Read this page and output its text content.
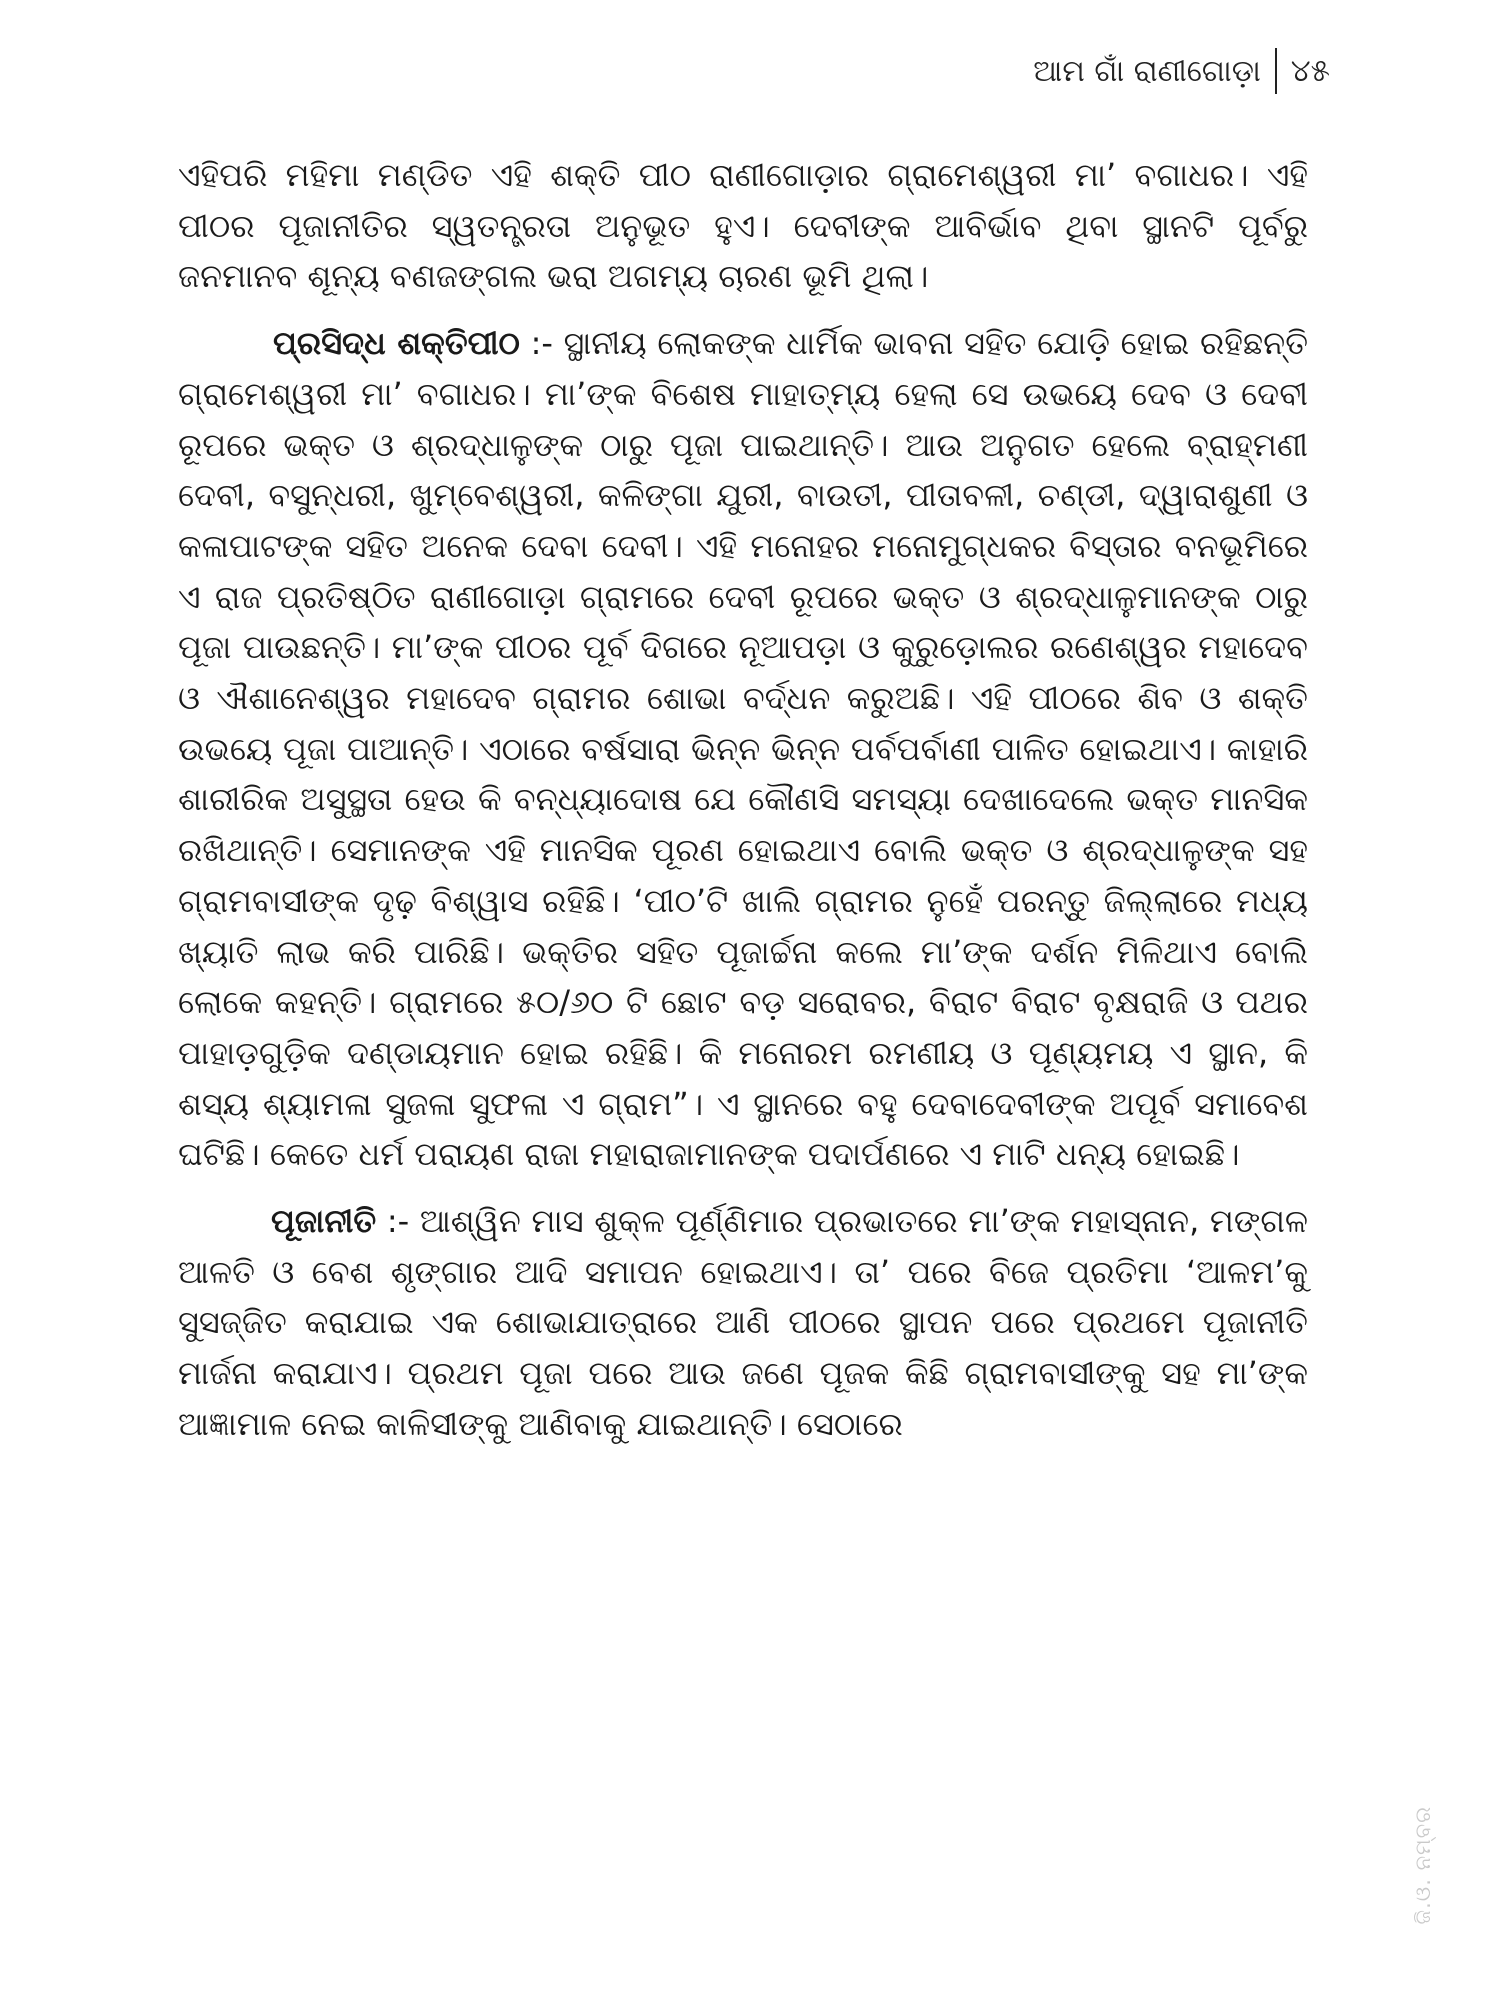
ଆମ ଗାଁ ରାଣୀଗୋଡ଼ା ୪୫

ଏହିପରି ମହିମା ମଣ୍ଡିତ ଏହି ଶକ୍ତି ପୀଠ ରାଣୀଗୋଡ଼ାର ଗ୍ରାମେଶ୍ୱରୀ ମା’ ବଗାଧର। ଏହି ପୀଠର ପୂଜାନୀତିର ସ୍ୱତନ୍ତ୍ରତା ଅନୁଭୂତ ହୁଏ। ଦେବୀଙ୍କ ଆବିର୍ଭାବ ଥିବା ସ୍ଥାନଟି ପୂର୍ବରୁ ଜନମାନବ ଶୂନ୍ୟ ବଣଜଙ୍ଗଲ ଭରା ଅଗମ୍ୟ ଚାରଣ ଭୂମି ଥିଲା।

ପ୍ରସିଦ୍ଧ ଶକ୍ତିପୀଠ :- ସ୍ଥାନୀୟ ଲୋକଙ୍କ ଧାର୍ମିକ ଭାବନା ସହିତ ଯୋଡ଼ି ହୋଇ ରହିଛନ୍ତି ଗ୍ରାମେଶ୍ୱରୀ ମା’ ବଗାଧର। ମା’ଙ୍କ ବିଶେଷ ମାହାତ୍ମ୍ୟ ହେଲା ସେ ଉଭୟେ ଦେବ ଓ ଦେବୀ ରୂପରେ ଭକ୍ତ ଓ ଶ୍ରଦ୍ଧାଳୁଙ୍କ ଠାରୁ ପୂଜା ପାଇଥାନ୍ତି। ଆଉ ଅନୁଗତ ହେଲେ ବ୍ରାହ୍ମଣୀ ଦେବୀ, ବସୁନ୍ଧରୀ, ଖୁମ୍ବେଶ୍ୱରୀ, କଳିଙ୍ଗା ଯୁରୀ, ବାଉତୀ, ପୀତାବଳୀ, ଚଣ୍ଡୀ, ଦ୍ୱାରାଶୁଣୀ ଓ କଳାପାଟଙ୍କ ସହିତ ଅନେକ ଦେବା ଦେବୀ। ଏହି ମନୋହର ମନୋମୁଗ୍ଧକର ବିସ୍ତାର ବନଭୂମିରେ ଏ ରାଜ ପ୍ରତିଷ୍ଠିତ ରାଣୀଗୋଡ଼ା ଗ୍ରାମରେ ଦେବୀ ରୂପରେ ଭକ୍ତ ଓ ଶ୍ରଦ୍ଧାଳୁମାନଙ୍କ ଠାରୁ ପୂଜା ପାଉଛନ୍ତି। ମା’ଙ୍କ ପୀଠର ପୂର୍ବ ଦିଗରେ ନୂଆପଡ଼ା ଓ କୁରୁଡ଼ୋଲର ରଣେଶ୍ୱର ମହାଦେବ ଓ ଐଶାନେଶ୍ୱର ମହାଦେବ ଗ୍ରାମର ଶୋଭା ବର୍ଦ୍ଧନ କରୁଅଛି। ଏହି ପୀଠରେ ଶିବ ଓ ଶକ୍ତି ଉଭୟେ ପୂଜା ପାଆନ୍ତି। ଏଠାରେ ବର୍ଷସାରା ଭିନ୍ନ ଭିନ୍ନ ପର୍ବପର୍ବାଣୀ ପାଳିତ ହୋଇଥାଏ। କାହାରି ଶାରୀରିକ ଅସୁସ୍ଥତା ହେଉ କି ବନ୍ଧ୍ୟାଦୋଷ ଯେ କୌଣସି ସମସ୍ୟା ଦେଖାଦେଲେ ଭକ୍ତ ମାନସିକ ରଖିଥାନ୍ତି। ସେମାନଙ୍କ ଏହି ମାନସିକ ପୂରଣ ହୋଇଥାଏ ବୋଲି ଭକ୍ତ ଓ ଶ୍ରଦ୍ଧାଳୁଙ୍କ ସହ ଗ୍ରାମବାସୀଙ୍କ ଦୃଢ଼ ବିଶ୍ୱାସ ରହିଛି। ‘ପୀଠ’ଟି ଖାଲି ଗ୍ରାମର ନୁହେଁ ପରନ୍ତୁ ଜିଲ୍ଲାରେ ମଧ୍ୟ ଖ୍ୟାତି ଲାଭ କରି ପାରିଛି। ଭକ୍ତିର ସହିତ ପୂଜାର୍ଚ୍ଚନା କଲେ ମା’ଙ୍କ ଦର୍ଶନ ମିଳିଥାଏ ବୋଲି ଲୋକେ କହନ୍ତି। ଗ୍ରାମରେ ୫୦/୬୦ ଟି ଛୋଟ ବଡ଼ ସରୋବର, ବିରାଟ ବିରାଟ ବୃକ୍ଷରାଜି ଓ ପଥର ପାହାଡ଼ଗୁଡ଼ିକ ଦଣ୍ଡାୟମାନ ହୋଇ ରହିଛି। କି ମନୋରମ ରମଣୀୟ ଓ ପୂଣ୍ୟମୟ ଏ ସ୍ଥାନ, କି ଶସ୍ୟ ଶ୍ୟାମଳା ସୁଜଳା ସୁଫଳା ଏ ଗ୍ରାମ”। ଏ ସ୍ଥାନରେ ବହୁ ଦେବାଦେବୀଙ୍କ ଅପୂର୍ବ ସମାବେଶ ଘଟିଛି। କେତେ ଧର୍ମ ପରାୟଣ ରାଜା ମହାରାଜାମାନଙ୍କ ପଦାର୍ପଣରେ ଏ ମାଟି ଧନ୍ୟ ହୋଇଛି।

ପୂଜାନୀତି :- ଆଶ୍ୱିନ ମାସ ଶୁକ୍ଳ ପୂର୍ଣ୍ଣିମାର ପ୍ରଭାତରେ ମା’ଙ୍କ ମହାସ୍ନାନ, ମଙ୍ଗଳ ଆଳତି ଓ ବେଶ ଶୃଙ୍ଗାର ଆଦି ସମାପନ ହୋଇଥାଏ। ତା’ ପରେ ବିଜେ ପ୍ରତିମା ‘ଆଳମ’କୁ ସୁସଜ୍ଜିତ କରାଯାଇ ଏକ ଶୋଭାଯାତ୍ରାରେ ଆଣି ପୀଠରେ ସ୍ଥାପନ ପରେ ପ୍ରଥମେ ପୂଜାନୀତି ମାର୍ଜନା କରାଯାଏ। ପ୍ରଥମ ପୂଜା ପରେ ଆଉ ଜଣେ ପୂଜକ କିଛି ଗ୍ରାମବାସୀଙ୍କୁ ସହ ମା’ଙ୍କ ଆଜ୍ଞାମାଳ ନେଇ କାଳିସୀଙ୍କୁ ଆଣିବାକୁ ଯାଇଥାନ୍ତି। ସେଠାରେ

ଜି.ଓ. ନମ୍ବର
